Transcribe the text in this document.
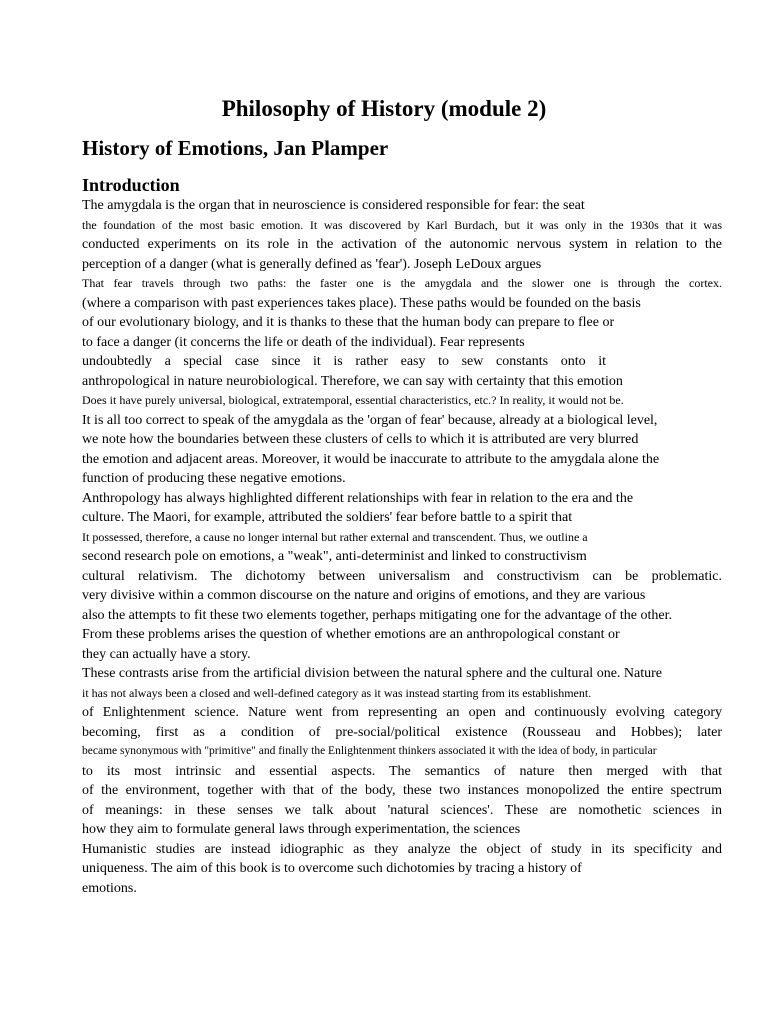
Philosophy of History (module 2)
History of Emotions, Jan Plamper
Introduction
The amygdala is the organ that in neuroscience is considered responsible for fear: the seat
the foundation of the most basic emotion. It was discovered by Karl Burdach, but it was only in the 1930s that it was
conducted experiments on its role in the activation of the autonomic nervous system in relation to the
perception of a danger (what is generally defined as 'fear'). Joseph LeDoux argues
That fear travels through two paths: the faster one is the amygdala and the slower one is through the cortex.
(where a comparison with past experiences takes place). These paths would be founded on the basis
of our evolutionary biology, and it is thanks to these that the human body can prepare to flee or
to face a danger (it concerns the life or death of the individual). Fear represents
undoubtedly a special case since it is rather easy to sew constants onto it
anthropological in nature neurobiological. Therefore, we can say with certainty that this emotion
Does it have purely universal, biological, extratemporal, essential characteristics, etc.? In reality, it would not be.
It is all too correct to speak of the amygdala as the 'organ of fear' because, already at a biological level,
we note how the boundaries between these clusters of cells to which it is attributed are very blurred
the emotion and adjacent areas. Moreover, it would be inaccurate to attribute to the amygdala alone the
function of producing these negative emotions.
Anthropology has always highlighted different relationships with fear in relation to the era and the
culture. The Maori, for example, attributed the soldiers' fear before battle to a spirit that
It possessed, therefore, a cause no longer internal but rather external and transcendent. Thus, we outline a
second research pole on emotions, a "weak", anti-determinist and linked to constructivism
cultural relativism. The dichotomy between universalism and constructivism can be problematic.
very divisive within a common discourse on the nature and origins of emotions, and they are various
also the attempts to fit these two elements together, perhaps mitigating one for the advantage of the other.
From these problems arises the question of whether emotions are an anthropological constant or
they can actually have a story.
These contrasts arise from the artificial division between the natural sphere and the cultural one. Nature
it has not always been a closed and well-defined category as it was instead starting from its establishment.
of Enlightenment science. Nature went from representing an open and continuously evolving category
becoming, first as a condition of pre-social/political existence (Rousseau and Hobbes); later
became synonymous with "primitive" and finally the Enlightenment thinkers associated it with the idea of body, in particular
to its most intrinsic and essential aspects. The semantics of nature then merged with that
of the environment, together with that of the body, these two instances monopolized the entire spectrum
of meanings: in these senses we talk about 'natural sciences'. These are nomothetic sciences in
how they aim to formulate general laws through experimentation, the sciences
Humanistic studies are instead idiographic as they analyze the object of study in its specificity and
uniqueness. The aim of this book is to overcome such dichotomies by tracing a history of
emotions.
